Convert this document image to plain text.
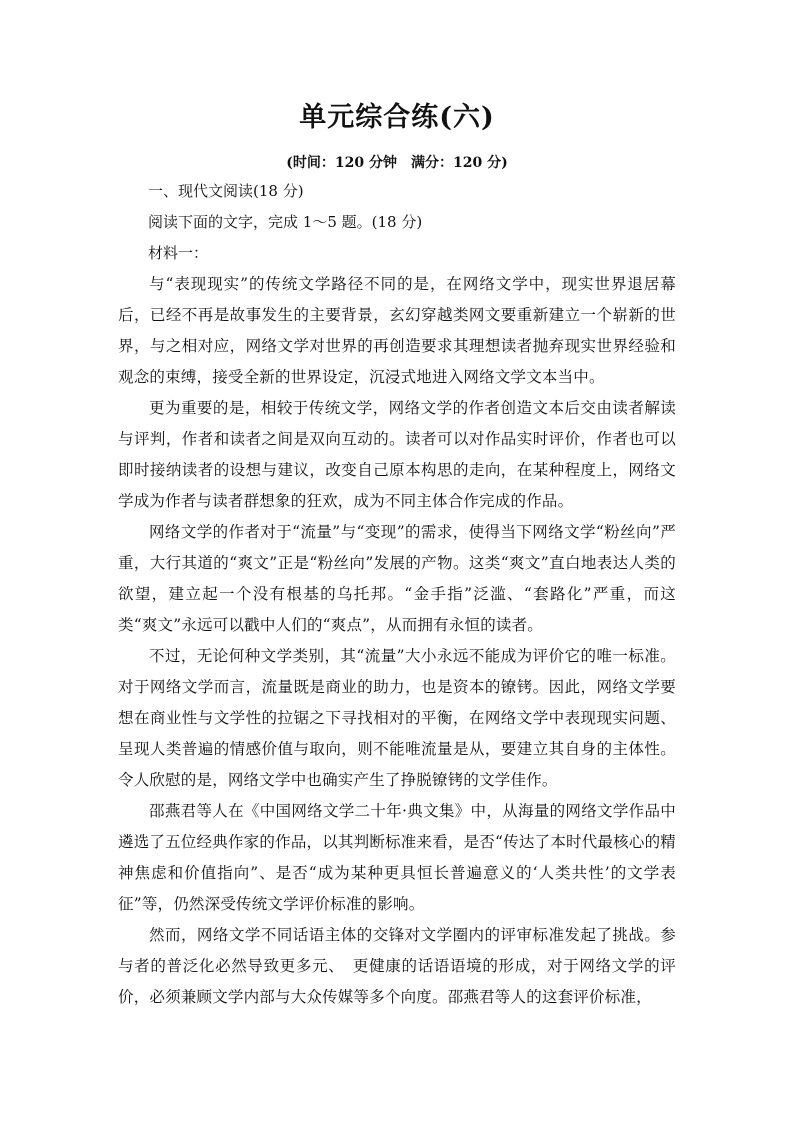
单元综合练(六)

(时间：120 分钟　满分：120 分)

一、现代文阅读(18 分)

阅读下面的文字，完成 1～5 题。(18 分)

材料一：

与“表现现实”的传统文学路径不同的是，在网络文学中，现实世界退居幕后，已经不再是故事发生的主要背景，玄幻穿越类网文要重新建立一个崭新的世界，与之相对应，网络文学对世界的再创造要求其理想读者抛弃现实世界经验和观念的束缚，接受全新的世界设定，沉浸式地进入网络文学文本当中。

更为重要的是，相较于传统文学，网络文学的作者创造文本后交由读者解读与评判，作者和读者之间是双向互动的。读者可以对作品实时评价，作者也可以即时接纳读者的设想与建议，改变自己原本构思的走向，在某种程度上，网络文学成为作者与读者群想象的狂欢，成为不同主体合作完成的作品。

网络文学的作者对于“流量”与“变现”的需求，使得当下网络文学“粉丝向”严重，大行其道的“爽文”正是“粉丝向”发展的产物。这类“爽文”直白地表达人类的欲望，建立起一个没有根基的乌托邦。“金手指”泛滥、“套路化”严重，而这类“爽文”永远可以戳中人们的“爽点”，从而拥有永恒的读者。

不过，无论何种文学类别，其“流量”大小永远不能成为评价它的唯一标准。对于网络文学而言，流量既是商业的助力，也是资本的镣铐。因此，网络文学要想在商业性与文学性的拉锯之下寻找相对的平衡，在网络文学中表现现实问题、呈现人类普遍的情感价值与取向，则不能唯流量是从，要建立其自身的主体性。令人欣慰的是，网络文学中也确实产生了挣脱镣铐的文学佳作。

邵燕君等人在《中国网络文学二十年·典文集》中，从海量的网络文学作品中遴选了五位经典作家的作品，以其判断标准来看，是否“传达了本时代最核心的精神焦虑和价值指向”、是否“成为某种更具恒长普遍意义的‘人类共性’的文学表征”等，仍然深受传统文学评价标准的影响。

然而，网络文学不同话语主体的交锋对文学圈内的评审标准发起了挑战。参与者的普泛化必然导致更多元、　更健康的话语语境的形成，对于网络文学的评价，必须兼顾文学内部与大众传媒等多个向度。邵燕君等人的这套评价标准，
